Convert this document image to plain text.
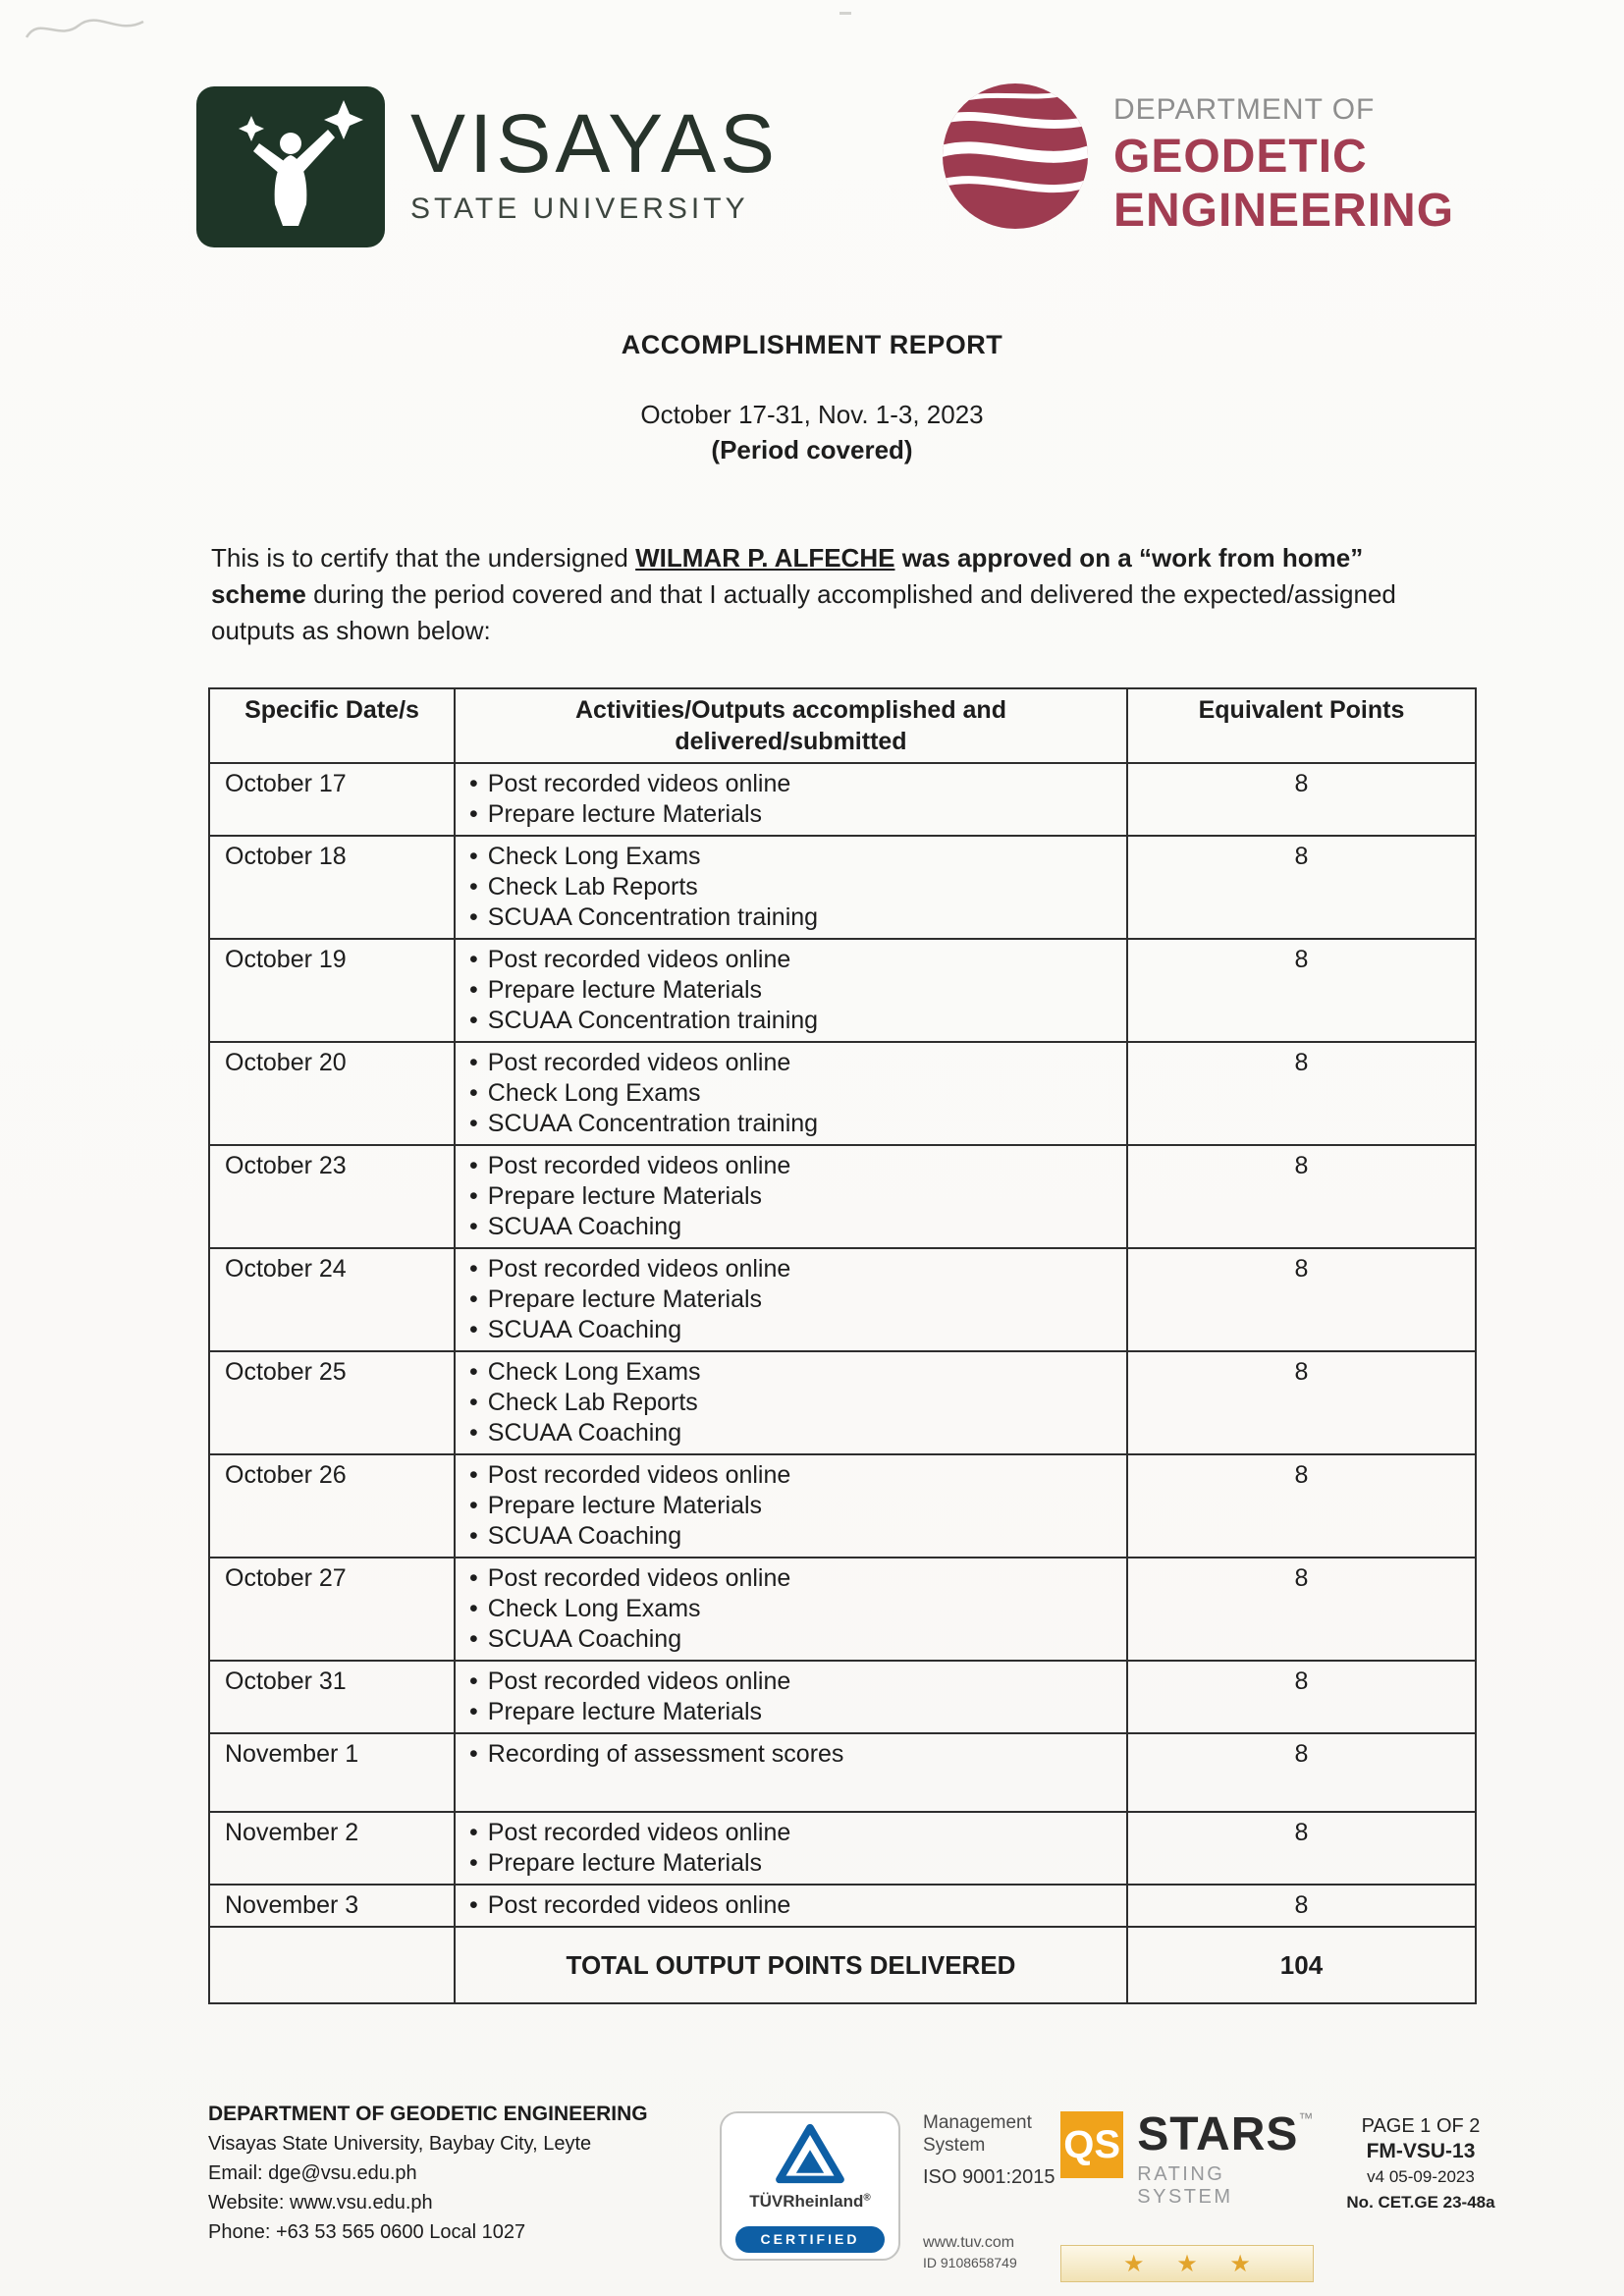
VISAYAS
STATE UNIVERSITY
DEPARTMENT OF
GEODETIC
ENGINEERING
ACCOMPLISHMENT REPORT
October 17-31, Nov. 1-3, 2023
(Period covered)

This is to certify that the undersigned WILMAR P. ALFECHE was approved on a “work from home” scheme during the period covered and that I actually accomplished and delivered the expected/assigned outputs as shown below:

Specific Date/s	Activities/Outputs accomplished and delivered/submitted	Equivalent Points
October 17	
•Post recorded videos online
• Prepare lecture Materials
	8
October 18	
•Check Long Exams
• Check Lab Reports
• SCUAA Concentration training
	8
October 19	
•Post recorded videos online
• Prepare lecture Materials
• SCUAA Concentration training
	8
October 20	
•Post recorded videos online
• Check Long Exams
• SCUAA Concentration training
	8
October 23	
•Post recorded videos online
• Prepare lecture Materials
• SCUAA Coaching
	8
October 24	
•Post recorded videos online
• Prepare lecture Materials
• SCUAA Coaching
	8
October 25	
•Check Long Exams
• Check Lab Reports
• SCUAA Coaching
	8
October 26	
•Post recorded videos online
• Prepare lecture Materials
• SCUAA Coaching
	8
October 27	
•Post recorded videos online
• Check Long Exams
• SCUAA Coaching
	8
October 31	
•Post recorded videos online
• Prepare lecture Materials
	8
November 1	
•Recording of assessment scores	8
November 2	
•Post recorded videos online
• Prepare lecture Materials
	8
November 3	
•Post recorded videos online	8
	TOTAL OUTPUT POINTS DELIVERED	104
DEPARTMENT OF GEODETIC ENGINEERING
Visayas State University, Baybay City, Leyte
Email: dge@vsu.edu.ph
Website: www.vsu.edu.ph
Phone: +63 53 565 0600 Local 1027
TÜVRheinland®
CERTIFIED
Management
System
ISO 9001:2015
www.tuv.com
ID 9108658749
QS STARS™
RATING SYSTEM
★ ★ ★
PAGE 1 OF 2
FM-VSU-13
v4 05-09-2023
No. CET.GE 23-48a
